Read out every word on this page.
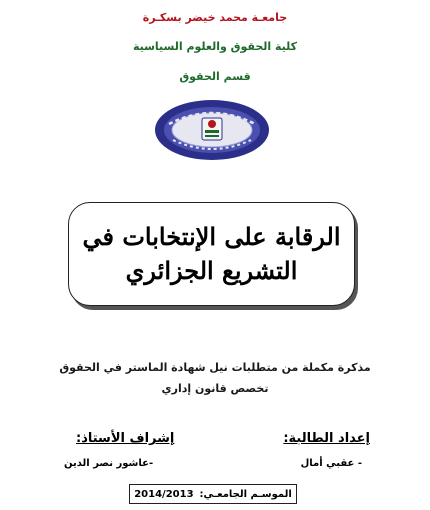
جامعـة محمد خيضر بسكـرة
كلية الحقوق والعلوم السياسية
قسم الحقوق
الرقابة على الإنتخابات في
التشريع الجزائري
مذكرة مكملة من متطلبات نيل شهادة الماستر في الحقوق
تخصص قانون إداري
إعداد الطالبة:
إشراف الأستاذ:
- عقبي أمال
-عاشور نصر الدين
الموسـم الجامعـي:
2014/2013
